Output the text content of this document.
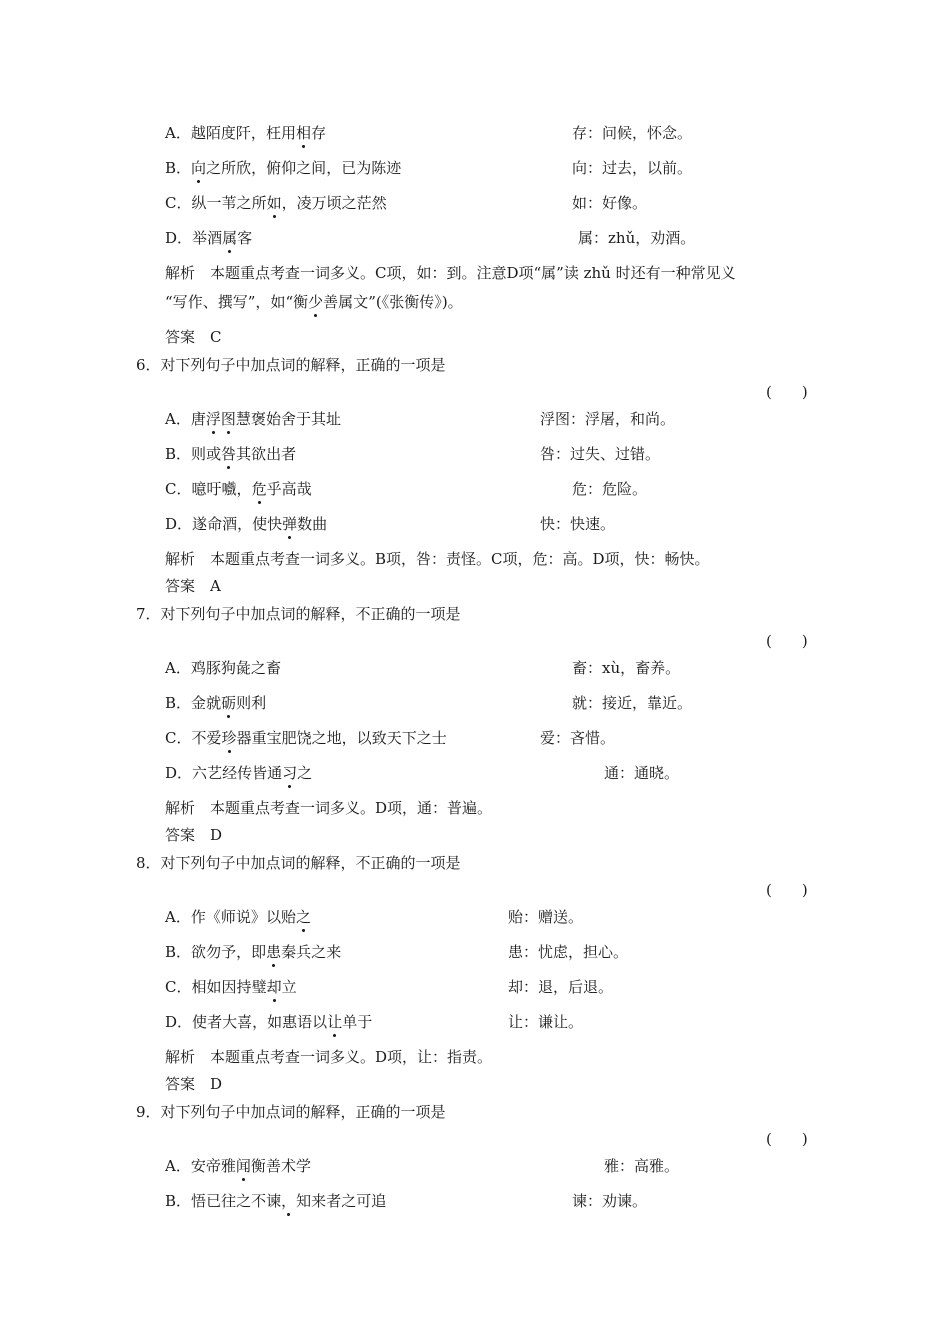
A．越陌度阡，枉用相存	存：问候，怀念。
B．向之所欣，俯仰之间，已为陈迹	向：过去，以前。
C．纵一苇之所如，凌万顷之茫然	如：好像。
D．举酒属客	属：zhǔ，劝酒。
解析　本题重点考查一词多义。C项，如：到。注意D项“属”读 zhǔ 时还有一种常见义
“写作、撰写”，如“衡少善属文”(《张衡传》)。
答案　C
6．对下列句子中加点词的解释，正确的一项是
(　　)
A．唐浮图慧褒始舍于其址	浮图：浮屠，和尚。
B．则或咎其欲出者	咎：过失、过错。
C．噫吁嚱，危乎高哉	危：危险。
D．遂命酒，使快弹数曲	快：快速。
解析　本题重点考查一词多义。B项，咎：责怪。C项，危：高。D项，快：畅快。
答案　A
7．对下列句子中加点词的解释，不正确的一项是
(　　)
A．鸡豚狗彘之畜	畜：xù，畜养。
B．金就砺则利	就：接近，靠近。
C．不爱珍器重宝肥饶之地，以致天下之士	爱：吝惜。
D．六艺经传皆通习之	通：通晓。
解析　本题重点考查一词多义。D项，通：普遍。
答案　D
8．对下列句子中加点词的解释，不正确的一项是
(　　)
A．作《师说》以贻之	贻：赠送。
B．欲勿予，即患秦兵之来	患：忧虑，担心。
C．相如因持璧却立	却：退，后退。
D．使者大喜，如惠语以让单于	让：谦让。
解析　本题重点考查一词多义。D项，让：指责。
答案　D
9．对下列句子中加点词的解释，正确的一项是
(　　)
A．安帝雅闻衡善术学	雅：高雅。
B．悟已往之不谏，知来者之可追	谏：劝谏。
